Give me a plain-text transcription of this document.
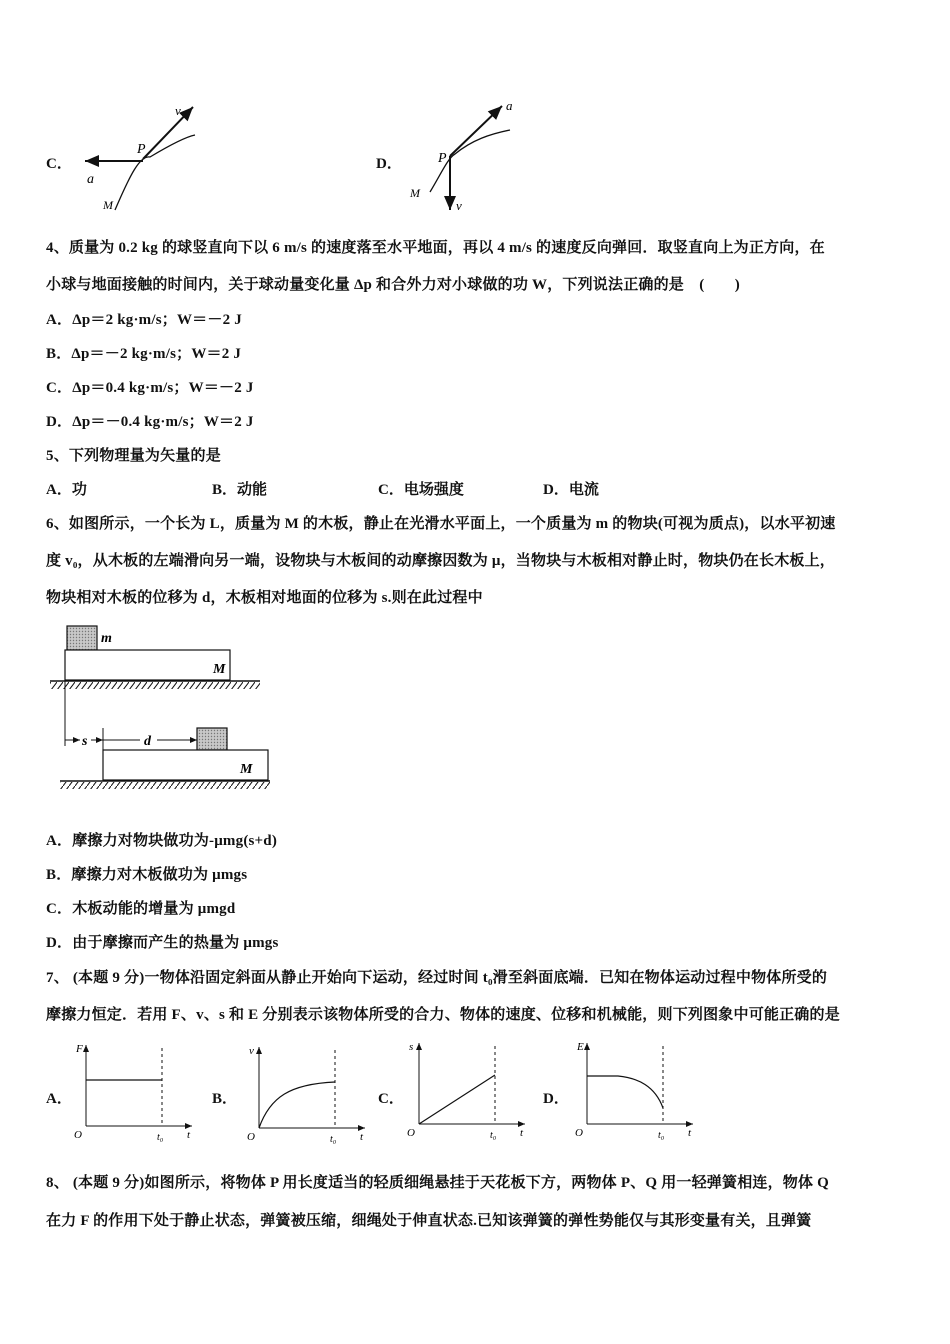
C．
v
P
a
M
D．
a
P
M
v
4、质量为 0.2 kg 的球竖直向下以 6 m/s 的速度落至水平地面，再以 4 m/s 的速度反向弹回．取竖直向上为正方向，在
小球与地面接触的时间内，关于球动量变化量 Δp 和合外力对小球做的功 W，下列说法正确的是　(　　)
A．Δp＝2 kg·m/s；W＝－2 J
B．Δp＝－2 kg·m/s；W＝2 J
C．Δp＝0.4 kg·m/s；W＝－2 J
D．Δp＝－0.4 kg·m/s；W＝2 J
5、下列物理量为矢量的是
A．功	B．动能	C．电场强度	D．电流
6、如图所示，一个长为 L，质量为 M 的木板，静止在光滑水平面上，一个质量为 m 的物块(可视为质点)，以水平初速
度 v₀，从木板的左端滑向另一端，设物块与木板间的动摩擦因数为 μ，当物块与木板相对静止时，物块仍在长木板上，
物块相对木板的位移为 d，木板相对地面的位移为 s.则在此过程中
m
M
s	d
M
A．摩擦力对物块做功为-μmg(s+d)
B．摩擦力对木板做功为 μmgs
C．木板动能的增量为 μmgd
D．由于摩擦而产生的热量为 μmgs
7、 (本题 9 分)一物体沿固定斜面从静止开始向下运动，经过时间 t₀滑至斜面底端．已知在物体运动过程中物体所受的
摩擦力恒定．若用 F、v、s 和 E 分别表示该物体所受的合力、物体的速度、位移和机械能，则下列图象中可能正确的是
A．
F
O	t₀ t
B．
v
O	t₀ t
C．
s
O	t₀ t
D．
E
O	t₀ t
8、 (本题 9 分)如图所示，将物体 P 用长度适当的轻质细绳悬挂于天花板下方，两物体 P、Q 用一轻弹簧相连，物体 Q
在力 F 的作用下处于静止状态，弹簧被压缩，细绳处于伸直状态.已知该弹簧的弹性势能仅与其形变量有关，且弹簧
